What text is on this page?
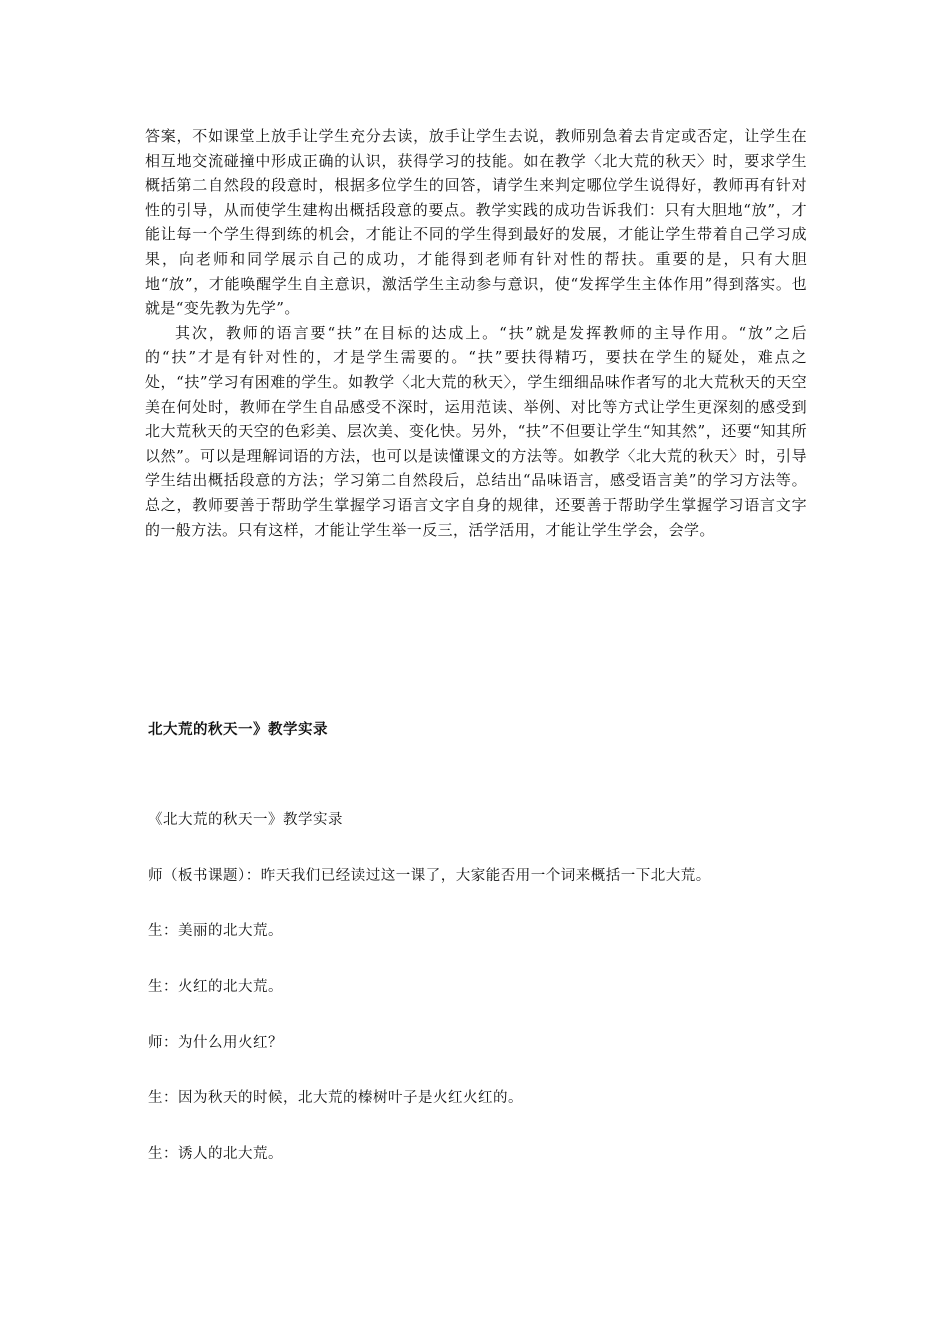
答案，不如课堂上放手让学生充分去读，放手让学生去说，教师别急着去肯定或否定，让学生在相互地交流碰撞中形成正确的认识，获得学习的技能。如在教学〈北大荒的秋天〉时，要求学生概括第二自然段的段意时，根据多位学生的回答，请学生来判定哪位学生说得好，教师再有针对性的引导，从而使学生建构出概括段意的要点。教学实践的成功告诉我们：只有大胆地“放”，才能让每一个学生得到练的机会，才能让不同的学生得到最好的发展，才能让学生带着自己学习成果，向老师和同学展示自己的成功，才能得到老师有针对性的帮扶。重要的是，只有大胆地“放”，才能唤醒学生自主意识，激活学生主动参与意识，使“发挥学生主体作用”得到落实。也就是“变先教为先学”。

其次，教师的语言要“扶”在目标的达成上。“扶”就是发挥教师的主导作用。“放”之后的“扶”才是有针对性的，才是学生需要的。“扶”要扶得精巧，要扶在学生的疑处，难点之处，“扶”学习有困难的学生。如教学〈北大荒的秋天〉，学生细细品味作者写的北大荒秋天的天空美在何处时，教师在学生自品感受不深时，运用范读、举例、对比等方式让学生更深刻的感受到北大荒秋天的天空的色彩美、层次美、变化快。另外，“扶”不但要让学生“知其然”，还要“知其所以然”。可以是理解词语的方法，也可以是读懂课文的方法等。如教学〈北大荒的秋天〉时，引导学生结出概括段意的方法；学习第二自然段后，总结出“品味语言，感受语言美”的学习方法等。总之，教师要善于帮助学生掌握学习语言文字自身的规律，还要善于帮助学生掌握学习语言文字的一般方法。只有这样，才能让学生举一反三，活学活用，才能让学生学会，会学。

北大荒的秋天一》教学实录
《北大荒的秋天一》教学实录
师（板书课题）：昨天我们已经读过这一课了，大家能否用一个词来概括一下北大荒。
生：美丽的北大荒。
生：火红的北大荒。
师：为什么用火红？
生：因为秋天的时候，北大荒的榛树叶子是火红火红的。
生：诱人的北大荒。
